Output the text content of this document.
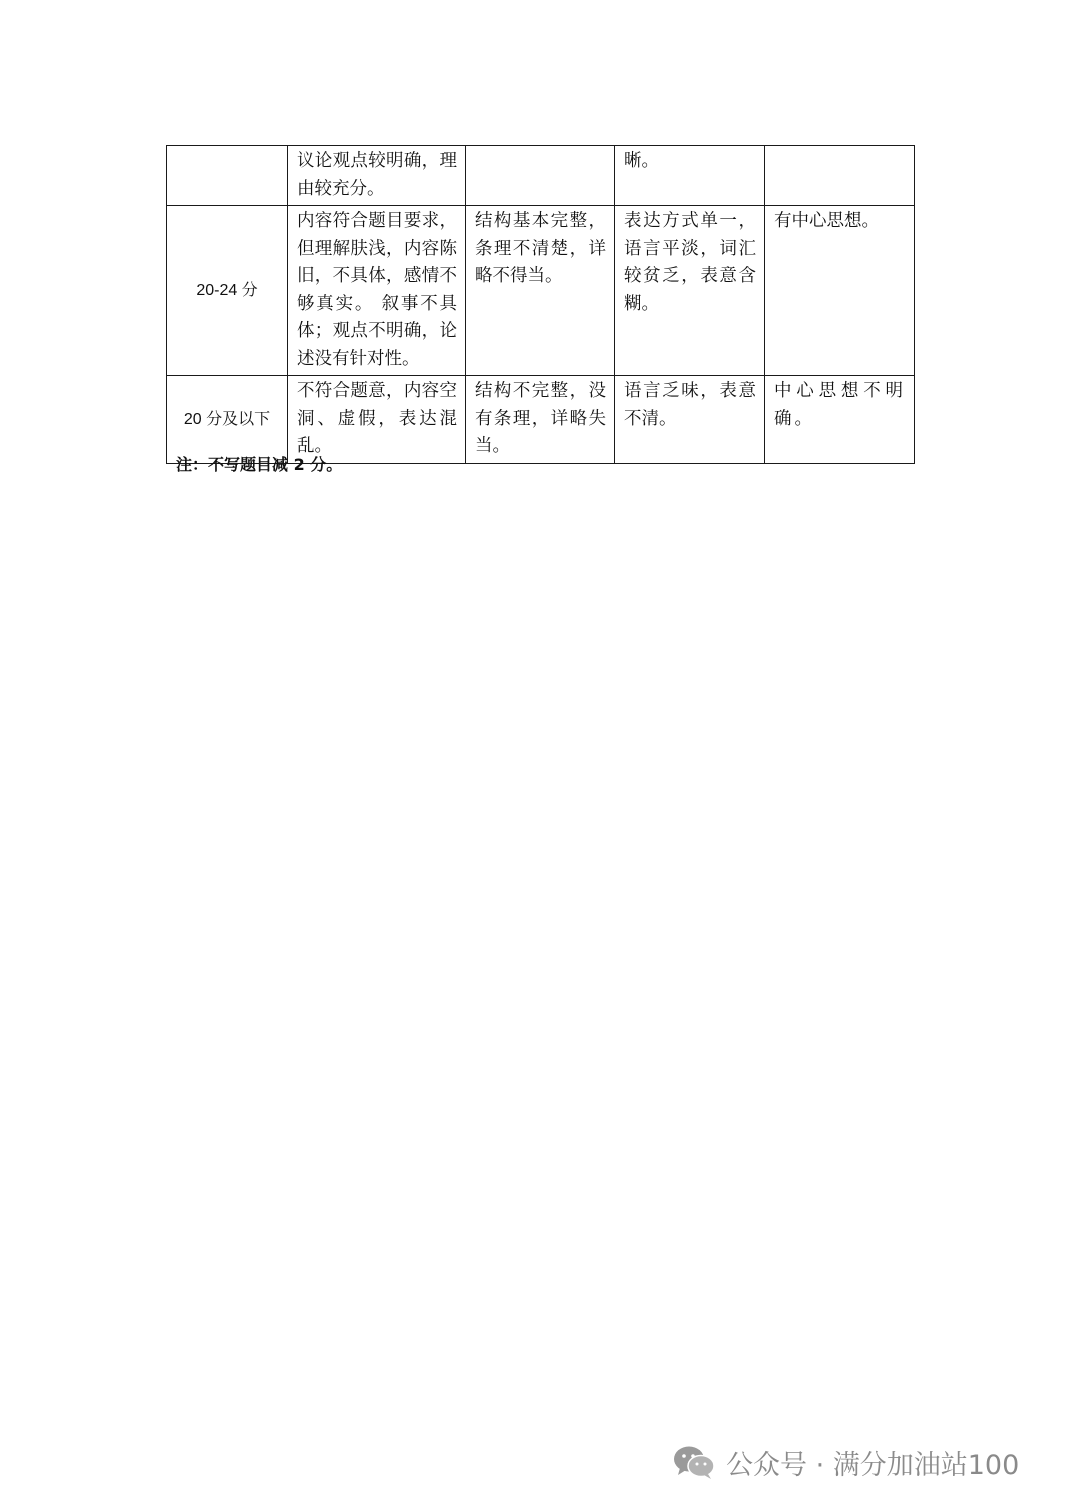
	议论观点较明确，理由较充分。		晰。	
20-24 分	内容符合题目要求，但理解肤浅，内容陈旧，不具体，感情不够真实。 叙事不具体；观点不明确，论述没有针对性。	结构基本完整，条理不清楚，详略不得当。	表达方式单一，语言平淡，词汇较贫乏，表意含糊。	有中心思想。
20 分及以下	不符合题意，内容空洞、虚假，表达混乱。	结构不完整，没有条理，详略失当。	语言乏味，表意不清。	中心思想不明确。

注：不写题目减 2 分。

公众号 · 满分加油站100
